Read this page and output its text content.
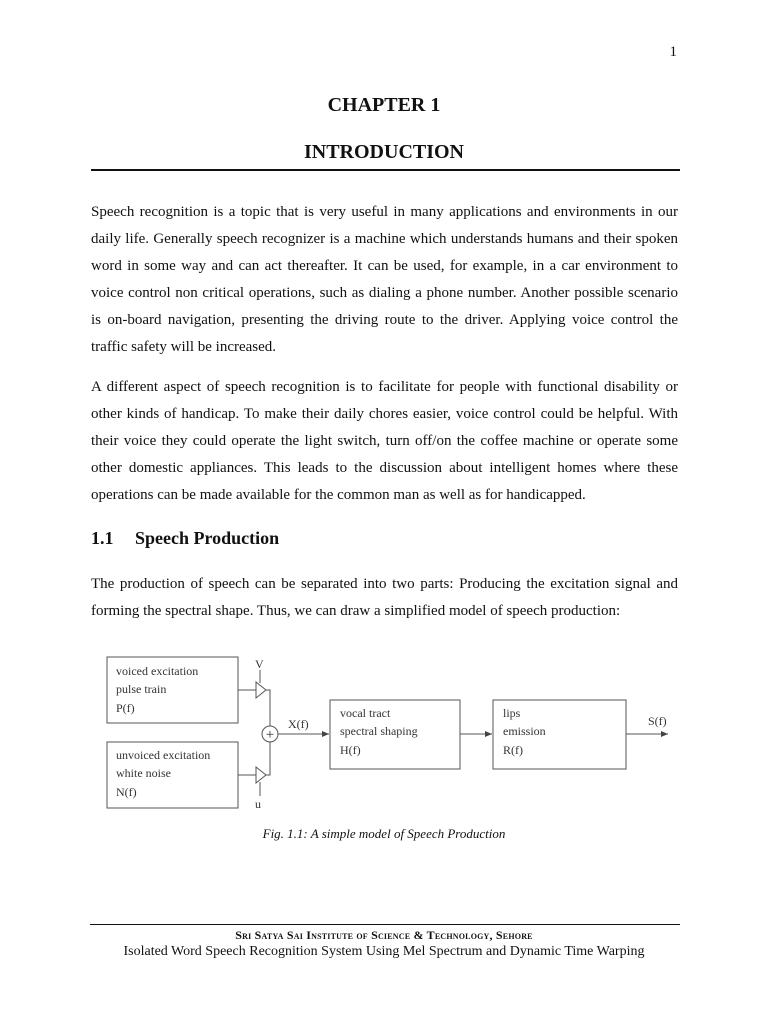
1
CHAPTER 1
INTRODUCTION

Speech recognition is a topic that is very useful in many applications and environments in our daily life. Generally speech recognizer is a machine which understands humans and their spoken word in some way and can act thereafter. It can be used, for example, in a car environment to voice control non critical operations, such as dialing a phone number. Another possible scenario is on-board navigation, presenting the driving route to the driver. Applying voice control the traffic safety will be increased.

A different aspect of speech recognition is to facilitate for people with functional disability or other kinds of handicap. To make their daily chores easier, voice control could be helpful. With their voice they could operate the light switch, turn off/on the coffee machine or operate some other domestic appliances. This leads to the discussion about intelligent homes where these operations can be made available for the common man as well as for handicapped.

1.1 Speech Production

The production of speech can be separated into two parts: Producing the excitation signal and forming the spectral shape. Thus, we can draw a simplified model of speech production:

voiced excitation
pulse train
P(f)
unvoiced excitation
white noise
N(f)
vocal tract
spectral shaping
H(f)
lips
emission
R(f)
V
u
+
X(f)	S(f)
Fig. 1.1: A simple model of Speech Production
Sri Satya Sai Institute of Science & Technology, Sehore
Isolated Word Speech Recognition System Using Mel Spectrum and Dynamic Time Warping
